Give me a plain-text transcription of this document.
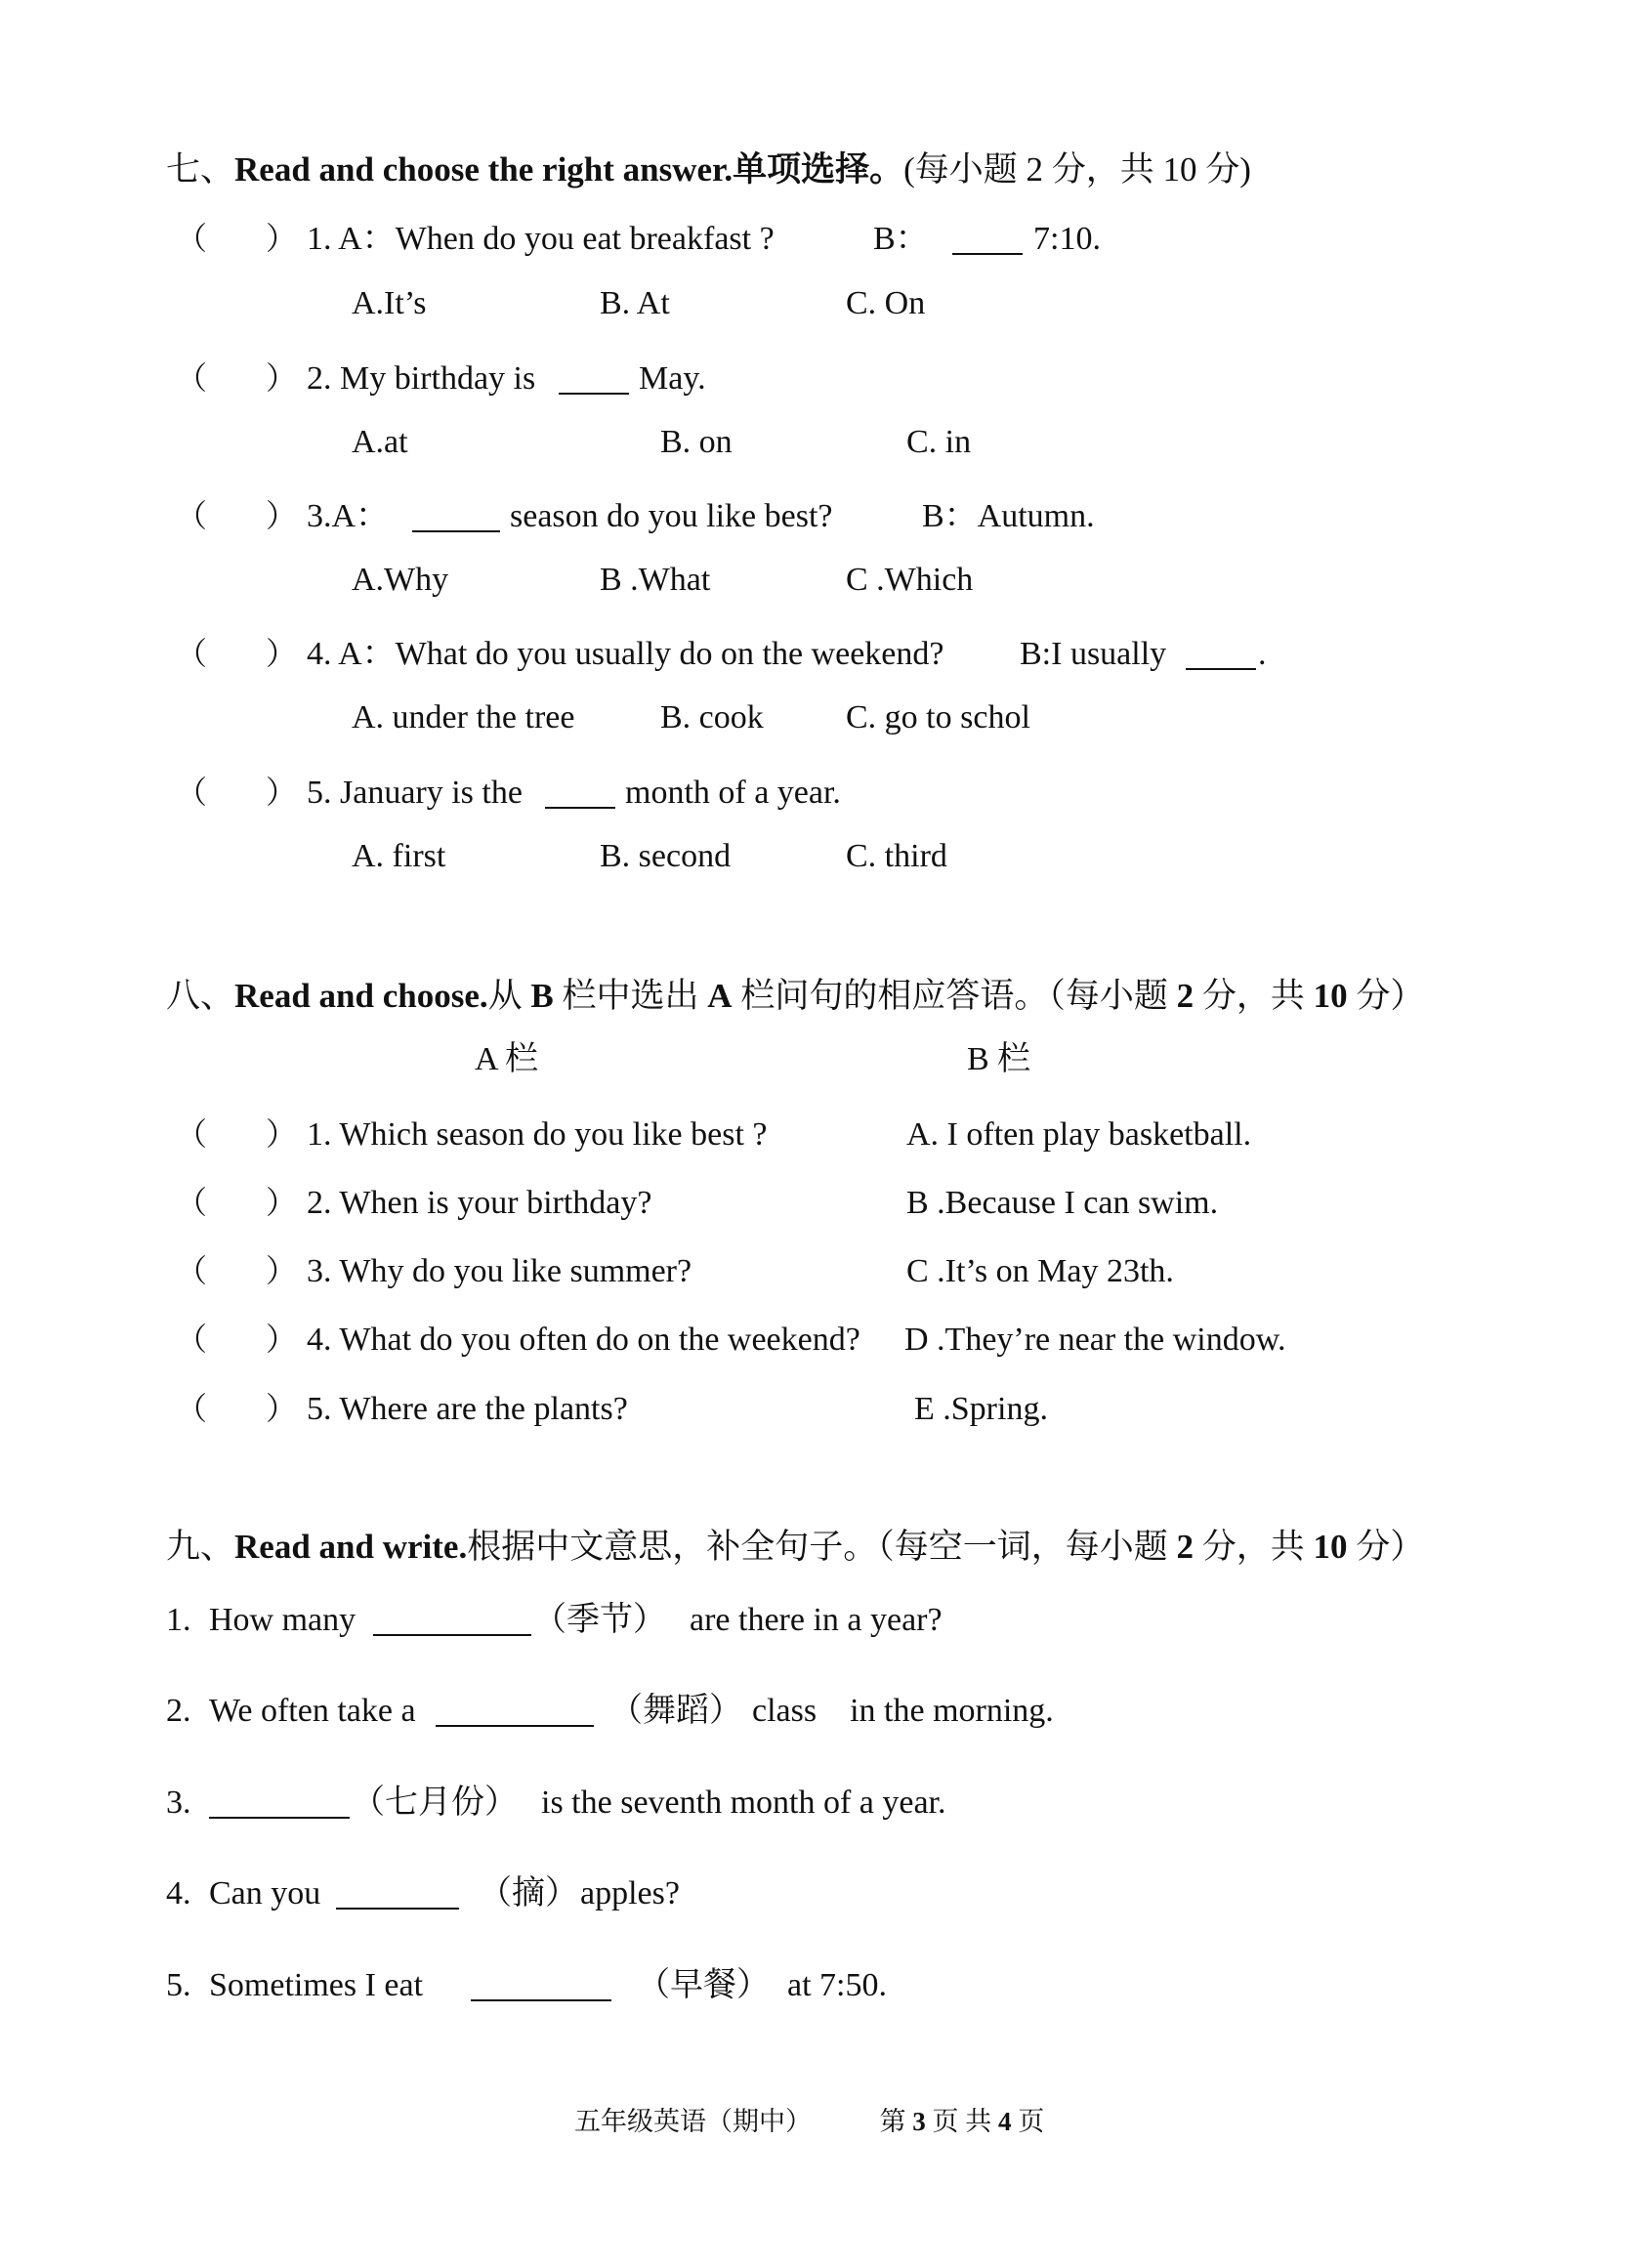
七、Read and choose the right answer.单项选择。(每小题 2 分，共 10 分)
（ ） 1. A：When do you eat breakfast ?	B：	7:10.
A.It’s	B. At	C. On
（ ） 2. My birthday is	May.
A.at	B. on	C. in
（ ） 3.A：	season do you like best?	B：Autumn.
A.Why	B .What	C .Which
（ ） 4. A：What do you usually do on the weekend? B:I usually	.
A. under the tree	B. cook C. go to schol
（ ） 5. January is the	month of a year.
A. first	B. second	C. third
八、Read and choose.从 B 栏中选出 A 栏问句的相应答语。（每小题 2 分，共 10 分）
A 栏	B 栏
（ ） 1. Which season do you like best ?	A. I often play basketball.
（ ） 2. When is your birthday?	B .Because I can swim.
（ ） 3. Why do you like summer?	C .It’s on May 23th.
（ ） 4. What do you often do on the weekend? D .They’re near the window.
（ ） 5. Where are the plants?	E .Spring.
九、Read and write.根据中文意思，补全句子。（每空一词，每小题 2 分，共 10 分）
1. How many	（季节） are there in a year?
2. We often take a	（舞蹈） class　in the morning.
3.	（七月份） is the seventh month of a year.
4. Can you	（摘） apples?
5. Sometimes I eat	（早餐） at 7:50.
五年级英语（期中）	第 3 页 共 4 页
